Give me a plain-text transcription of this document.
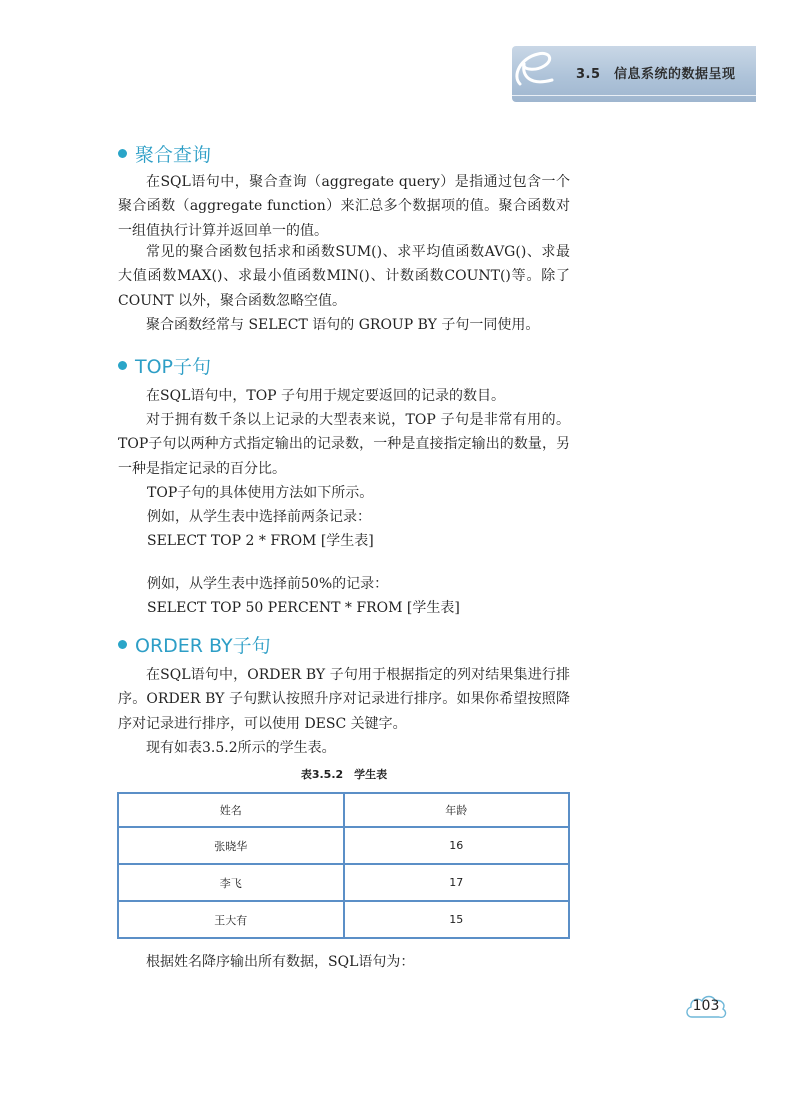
3.5　信息系统的数据呈现
聚合查询

在SQL语句中，聚合查询（aggregate query）是指通过包含一个聚合函数（aggregate function）来汇总多个数据项的值。聚合函数对一组值执行计算并返回单一的值。

常见的聚合函数包括求和函数SUM()、求平均值函数AVG()、求最大值函数MAX()、求最小值函数MIN()、计数函数COUNT()等。除了COUNT 以外，聚合函数忽略空值。

聚合函数经常与 SELECT 语句的 GROUP BY 子句一同使用。

TOP子句

在SQL语句中，TOP 子句用于规定要返回的记录的数目。

对于拥有数千条以上记录的大型表来说，TOP 子句是非常有用的。TOP子句以两种方式指定输出的记录数，一种是直接指定输出的数量，另一种是指定记录的百分比。

TOP子句的具体使用方法如下所示。

例如，从学生表中选择前两条记录：

SELECT TOP 2 * FROM [学生表]

例如，从学生表中选择前50%的记录：

SELECT TOP 50 PERCENT * FROM [学生表]
ORDER BY子句

在SQL语句中，ORDER BY 子句用于根据指定的列对结果集进行排序。ORDER BY 子句默认按照升序对记录进行排序。如果你希望按照降序对记录进行排序，可以使用 DESC 关键字。

现有如表3.5.2所示的学生表。

表3.5.2　学生表
姓名	年龄
张晓华	16
李飞	17
王大有	15

根据姓名降序输出所有数据，SQL语句为：

103
